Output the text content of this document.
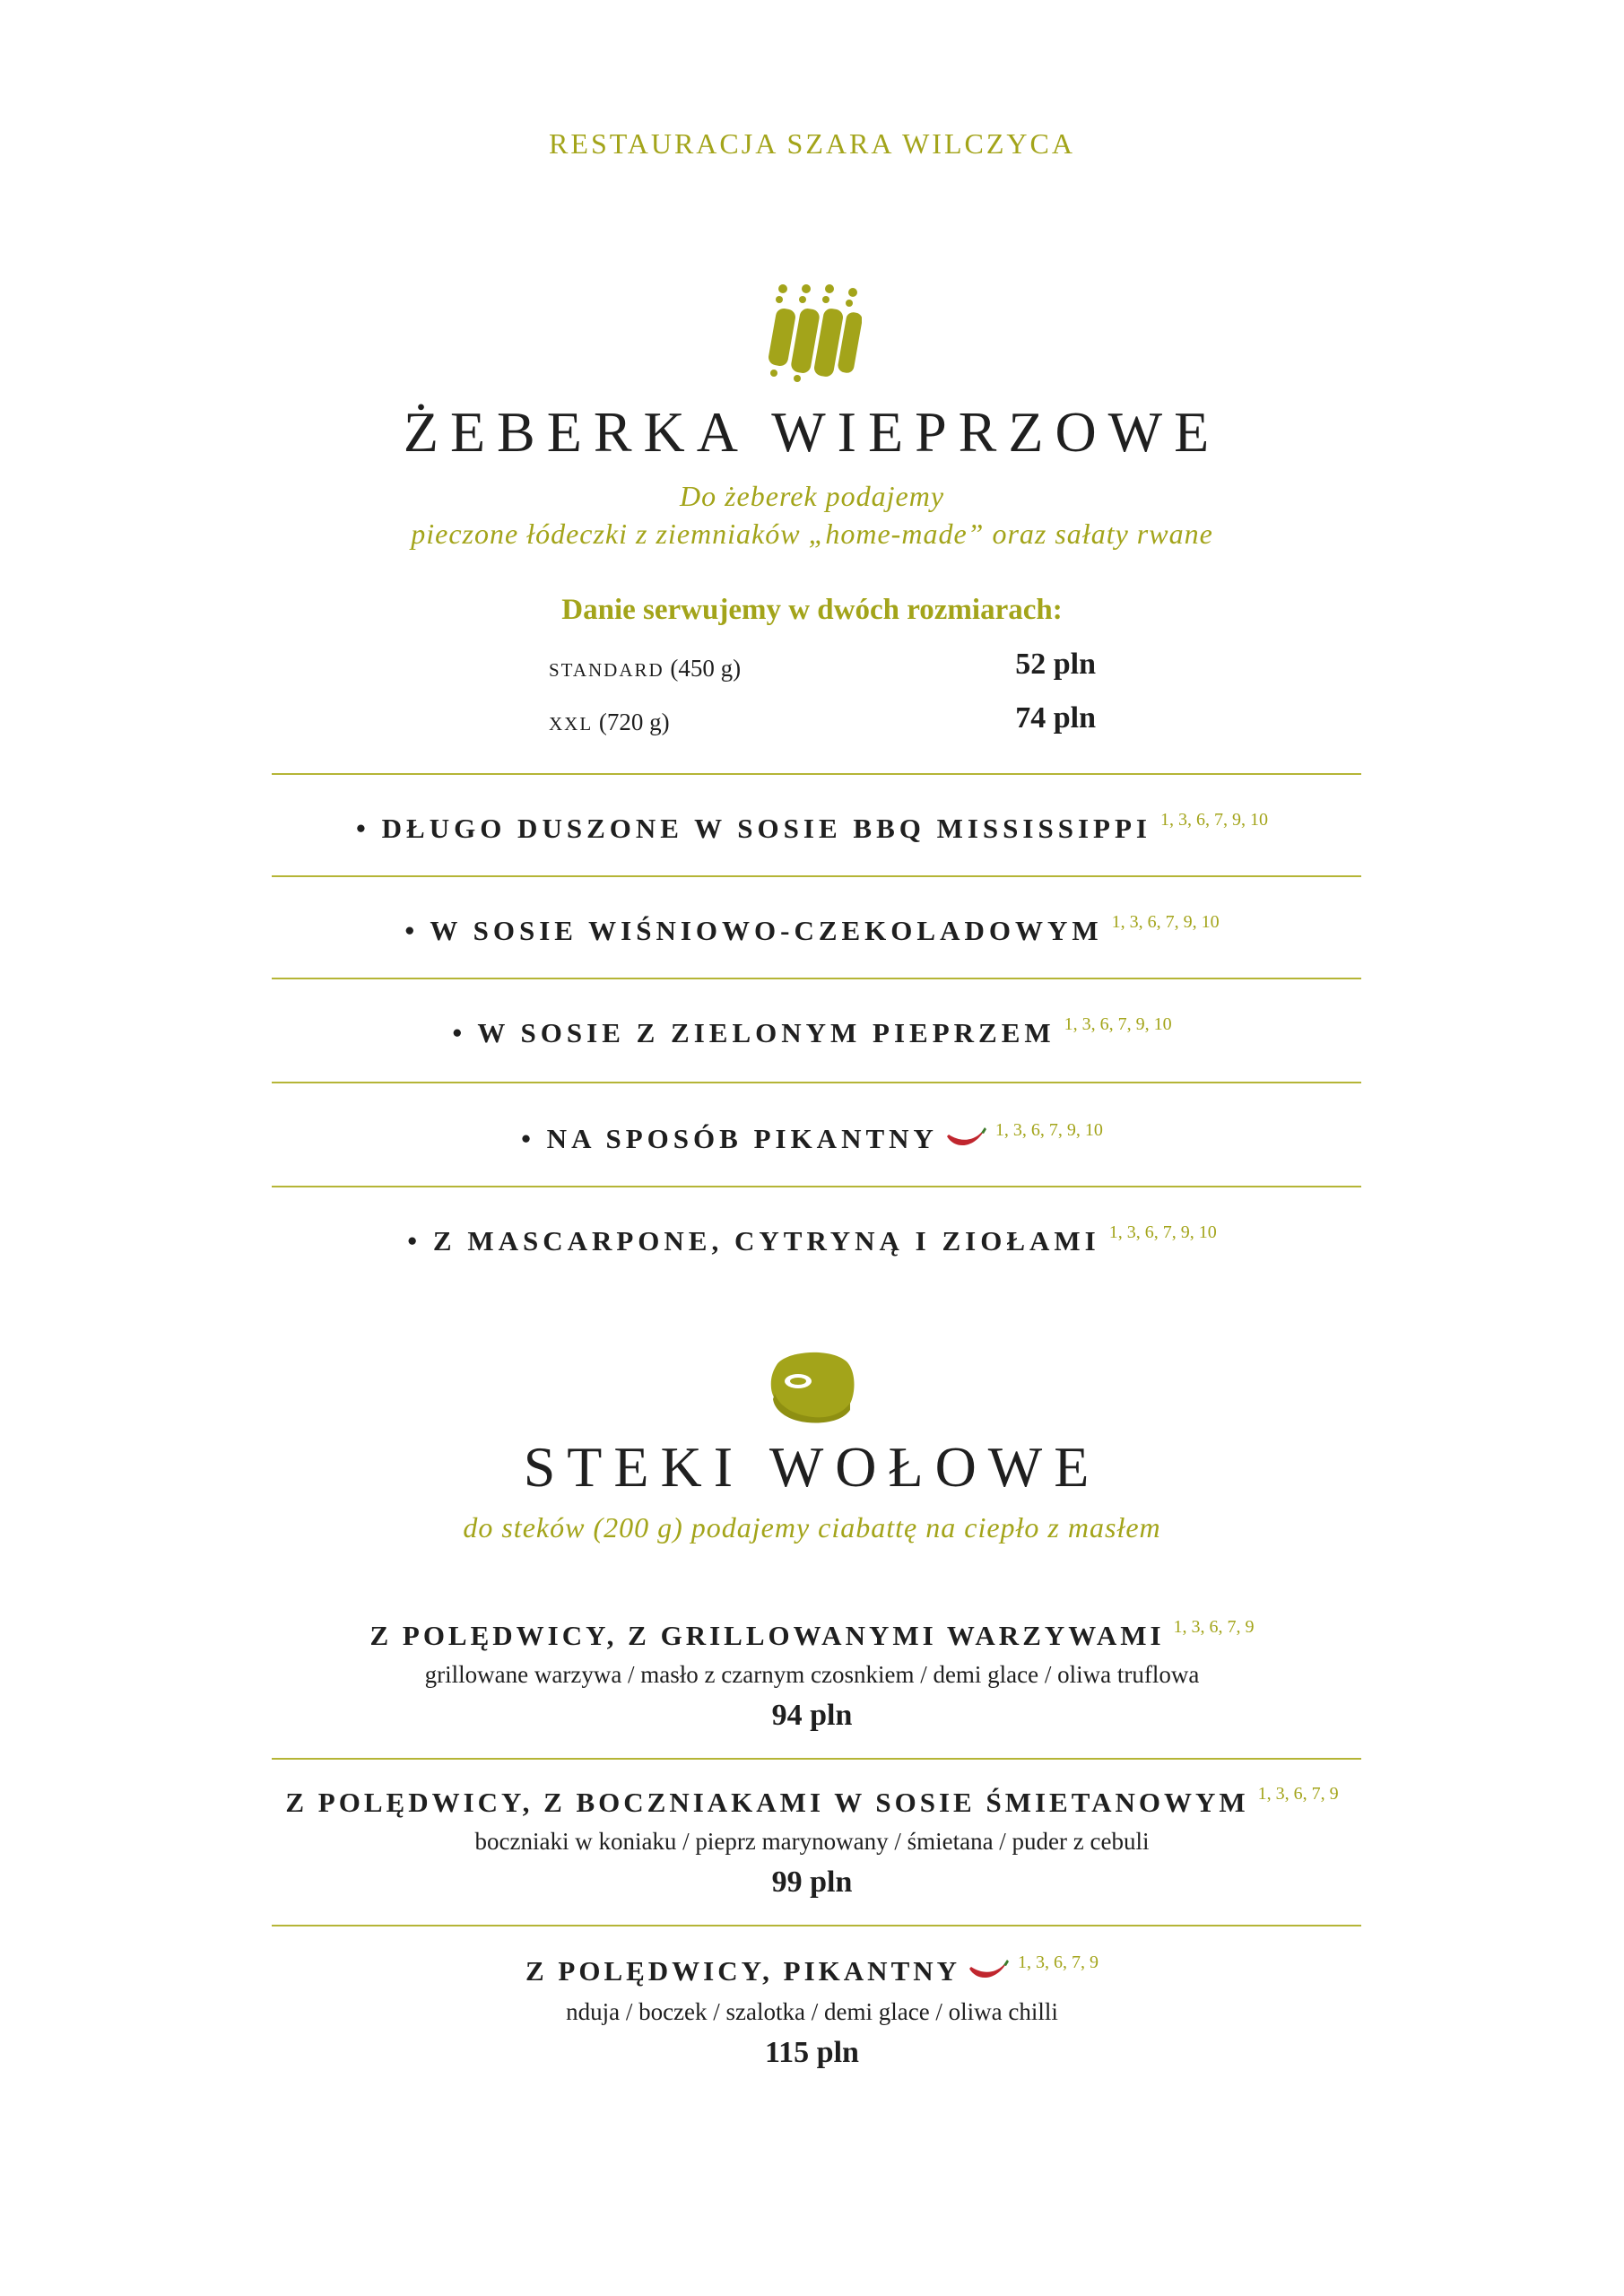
RESTAURACJA SZARA WILCZYCA
ŻEBERKA WIEPRZOWE
Do żeberek podajemy
pieczone łódeczki z ziemniaków „home-made” oraz sałaty rwane
Danie serwujemy w dwóch rozmiarach:
STANDARD (450 g)	52 pln
XXL (720 g)	74 pln
• DŁUGO DUSZONE W SOSIE BBQ MISSISSIPPI $^{1, 3, 6, 7, 9, 10}$
• W SOSIE WIŚNIOWO-CZEKOLADOWYM $^{1, 3, 6, 7, 9, 10}$
• W SOSIE Z ZIELONYM PIEPRZEM $^{1, 3, 6, 7, 9, 10}$
• NA SPOSÓB PIKANTNY	$^{1, 3, 6, 7, 9, 10}$
• Z MASCARPONE, CYTRYNĄ I ZIOŁAMI $^{1, 3, 6, 7, 9, 10}$
STEKI WOŁOWE
do steków (200 g) podajemy ciabattę na ciepło z masłem
Z POLĘDWICY, Z GRILLOWANYMI WARZYWAMI $^{1, 3, 6, 7, 9}$
grillowane warzywa / masło z czarnym czosnkiem / demi glace / oliwa truflowa
94 pln
Z POLĘDWICY, Z BOCZNIAKAMI W SOSIE ŚMIETANOWYM $^{1, 3, 6, 7, 9}$
boczniaki w koniaku / pieprz marynowany / śmietana / puder z cebuli
99 pln
Z POLĘDWICY, PIKANTNY	$^{1, 3, 6, 7, 9}$
nduja / boczek / szalotka / demi glace / oliwa chilli
115 pln
